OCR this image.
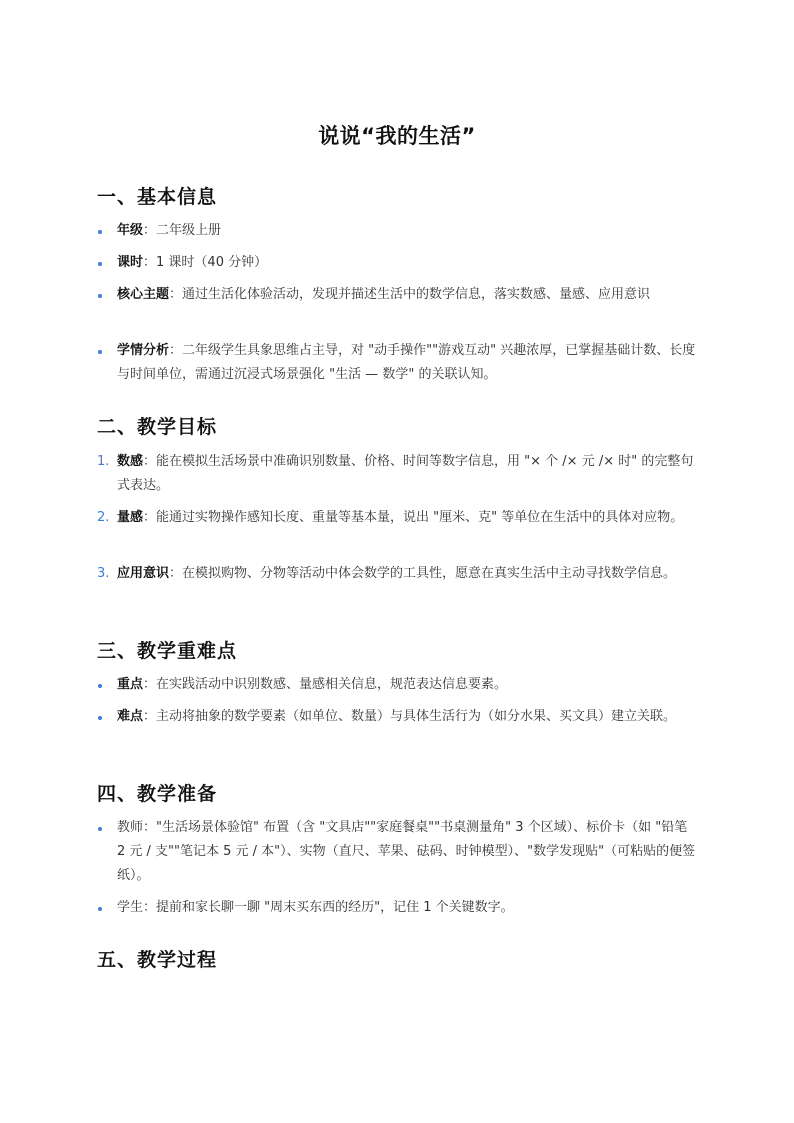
说说“我的生活”
一、基本信息
年级：二年级上册
课时：1 课时（40 分钟）
核心主题：通过生活化体验活动，发现并描述生活中的数学信息，落实数感、量感、应用意识
学情分析：二年级学生具象思维占主导，对 "动手操作""游戏互动" 兴趣浓厚，已掌握基础计数、长度与时间单位，需通过沉浸式场景强化 "生活 — 数学" 的关联认知。
二、教学目标
1. 数感：能在模拟生活场景中准确识别数量、价格、时间等数字信息，用 "× 个 /× 元 /× 时" 的完整句式表达。
2. 量感：能通过实物操作感知长度、重量等基本量，说出 "厘米、克" 等单位在生活中的具体对应物。
3. 应用意识：在模拟购物、分物等活动中体会数学的工具性，愿意在真实生活中主动寻找数学信息。
三、教学重难点
重点：在实践活动中识别数感、量感相关信息，规范表达信息要素。
难点：主动将抽象的数学要素（如单位、数量）与具体生活行为（如分水果、买文具）建立关联。
四、教学准备
教师："生活场景体验馆" 布置（含 "文具店""家庭餐桌""书桌测量角" 3 个区域）、标价卡（如 "铅笔 2 元 / 支""笔记本 5 元 / 本"）、实物（直尺、苹果、砝码、时钟模型）、"数学发现贴"（可粘贴的便签纸）。
学生：提前和家长聊一聊 "周末买东西的经历"，记住 1 个关键数字。
五、教学过程
